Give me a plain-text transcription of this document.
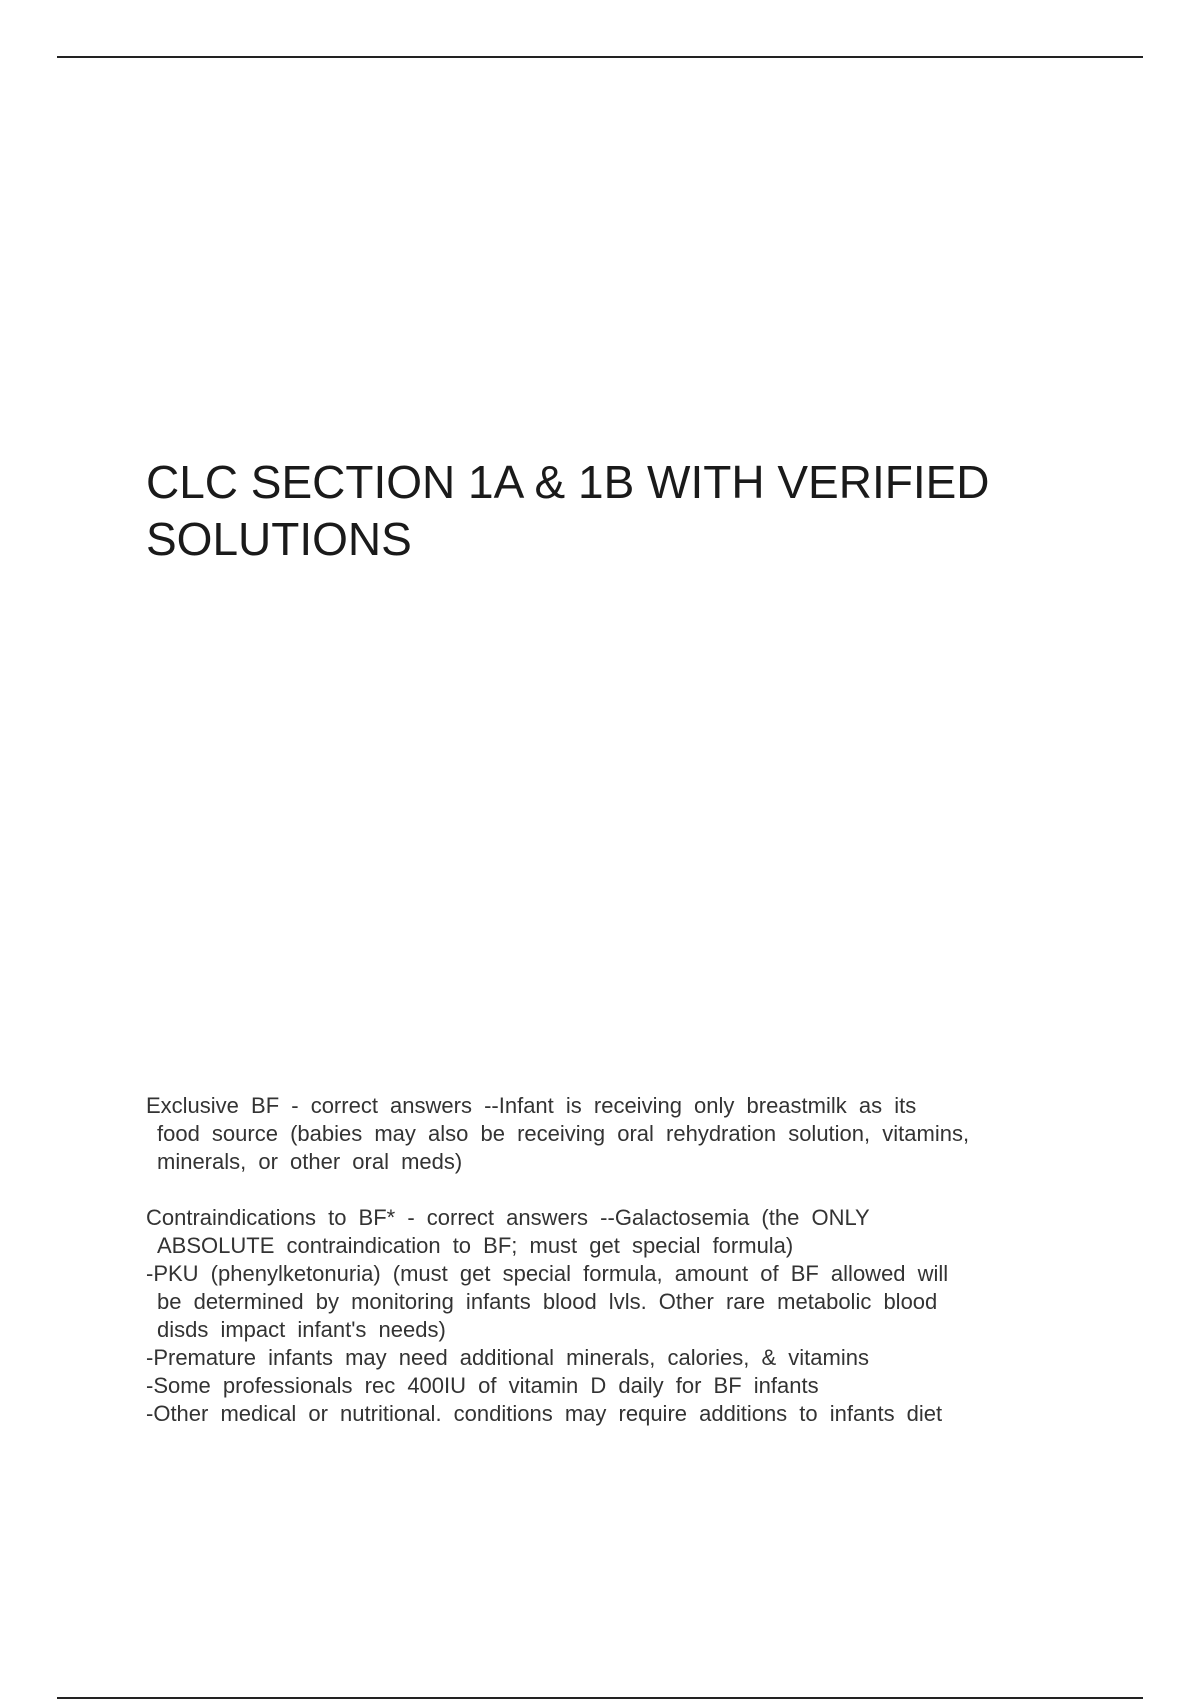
CLC SECTION 1A & 1B WITH VERIFIED
SOLUTIONS
Exclusive BF - correct answers --Infant is receiving only breastmilk as its
food source (babies may also be receiving oral rehydration solution, vitamins,
minerals, or other oral meds)
Contraindications to BF* - correct answers --Galactosemia (the ONLY
ABSOLUTE contraindication to BF; must get special formula)
-PKU (phenylketonuria) (must get special formula, amount of BF allowed will
be determined by monitoring infants blood lvls. Other rare metabolic blood
disds impact infant's needs)
-Premature infants may need additional minerals, calories, & vitamins
-Some professionals rec 400IU of vitamin D daily for BF infants
-Other medical or nutritional. conditions may require additions to infants diet
